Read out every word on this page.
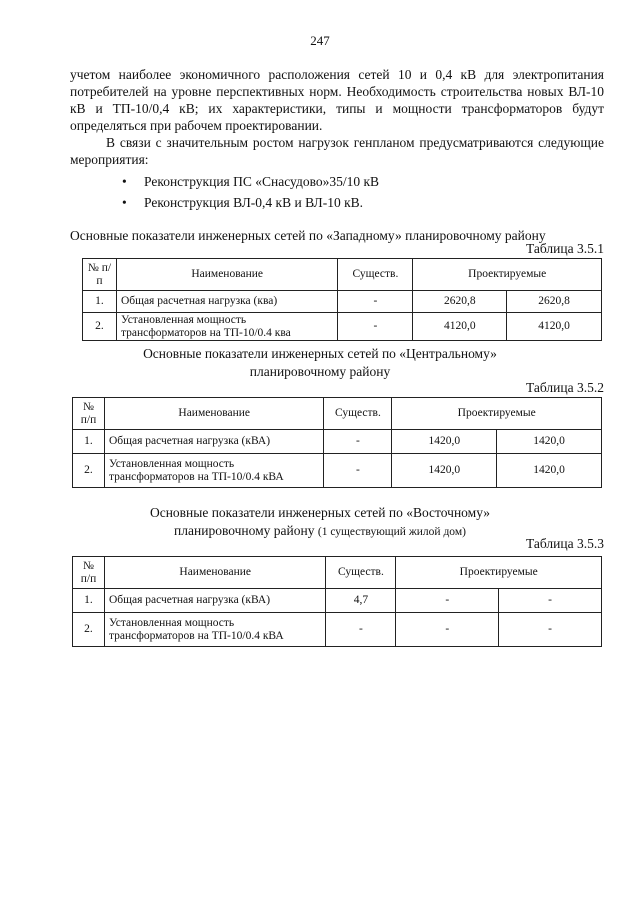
247
учетом наиболее экономичного расположения сетей 10 и 0,4 кВ для электропитания потребителей на уровне перспективных норм. Необходимость строительства новых ВЛ-10 кВ и ТП-10/0,4 кВ; их характеристики, типы и мощности трансформаторов будут определяться при рабочем проектировании.
В связи с значительным ростом нагрузок генпланом предусматриваются следующие мероприятия:
• Реконструкция ПС «Снасудово»35/10 кВ
• Реконструкция ВЛ-0,4 кВ и ВЛ-10 кВ.
Основные показатели инженерных сетей по «Западному» планировочному району
Таблица 3.5.1
№ п/п	Наименование	Существ.	Проектируемые	
1.	Общая расчетная нагрузка (ква)	-	2620,8	2620,8
2.	Установленная мощность трансформаторов на ТП-10/0.4 ква	-	4120,0	4120,0
Основные показатели инженерных сетей по «Центральному»
планировочному району
Таблица 3.5.2
№ п/п	Наименование	Существ.	Проектируемые	
1.	Общая расчетная нагрузка (кВА)	-	1420,0	1420,0
2.	Установленная мощность трансформаторов на ТП-10/0.4 кВА	-	1420,0	1420,0
Основные показатели инженерных сетей по «Восточному»
планировочному району (1 существующий жилой дом)
Таблица 3.5.3
№ п/п	Наименование	Существ.	Проектируемые	
1.	Общая расчетная нагрузка (кВА)	4,7	-	-
2.	Установленная мощность трансформаторов на ТП-10/0.4 кВА	-	-	-
